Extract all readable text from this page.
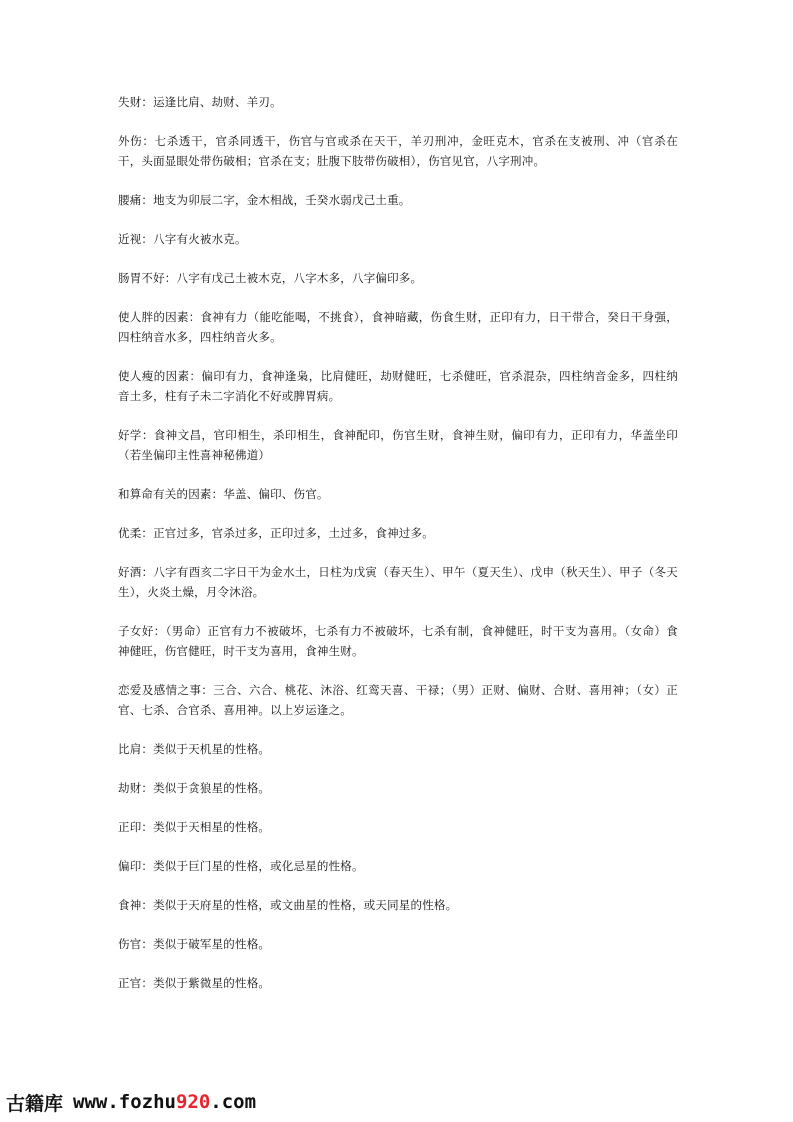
失财：运逢比肩、劫财、羊刃。

外伤：七杀透干，官杀同透干，伤官与官或杀在天干，羊刃刑冲，金旺克木，官杀在支被刑、冲（官杀在干，头面显眼处带伤破相；官杀在支；肚腹下肢带伤破相），伤官见官，八字刑冲。

腰痛：地支为卯辰二字，金木相战，壬癸水弱戊己土重。

近视：八字有火被水克。

肠胃不好：八字有戊己土被木克，八字木多，八字偏印多。

使人胖的因素：食神有力（能吃能喝，不挑食），食神暗藏，伤食生财，正印有力，日干带合，癸日干身强，四柱纳音水多，四柱纳音火多。

使人瘦的因素：偏印有力，食神逢枭，比肩健旺，劫财健旺，七杀健旺，官杀混杂，四柱纳音金多，四柱纳音土多，柱有子未二字消化不好或脾胃病。

好学：食神文昌，官印相生，杀印相生，食神配印，伤官生财，食神生财，偏印有力，正印有力，华盖坐印（若坐偏印主性喜神秘佛道）

和算命有关的因素：华盖、偏印、伤官。

优柔：正官过多，官杀过多，正印过多，土过多，食神过多。

好酒：八字有酉亥二字日干为金水土，日柱为戊寅（春天生）、甲午（夏天生）、戊申（秋天生）、甲子（冬天生），火炎土燥，月令沐浴。

子女好：（男命）正官有力不被破坏，七杀有力不被破坏，七杀有制，食神健旺，时干支为喜用。（女命）食神健旺，伤官健旺，时干支为喜用，食神生财。

恋爱及感情之事：三合、六合、桃花、沐浴、红鸾天喜、干禄；（男）正财、偏财、合财、喜用神；（女）正官、七杀、合官杀、喜用神。以上岁运逢之。

比肩：类似于天机星的性格。

劫财：类似于贪狼星的性格。

正印：类似于天相星的性格。

偏印：类似于巨门星的性格，或化忌星的性格。

食神：类似于天府星的性格，或文曲星的性格，或天同星的性格。

伤官：类似于破军星的性格。

正官：类似于紫微星的性格。

古籍库 www.fozhu 920 .com
